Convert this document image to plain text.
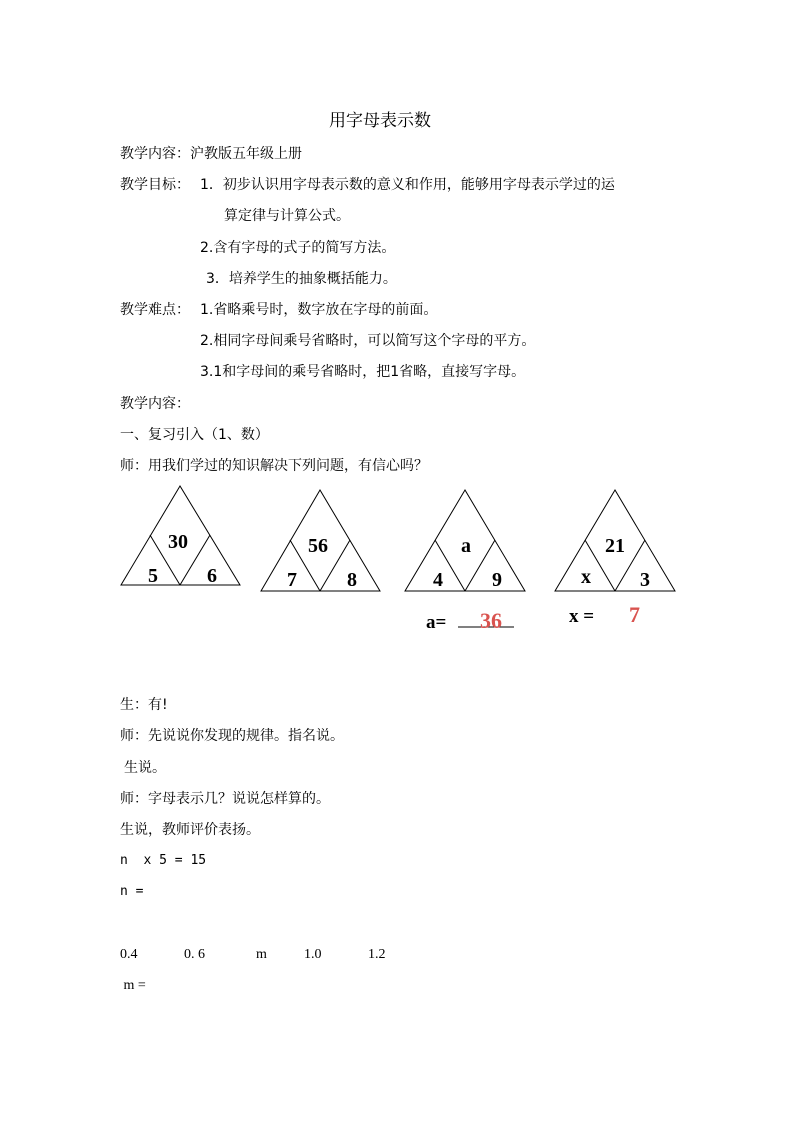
用字母表示数
教学内容：沪教版五年级上册
教学目标： 1．初步认识用字母表示数的意义和作用，能够用字母表示学过的运
算定律与计算公式。
2.含有字母的式子的简写方法。
3．培养学生的抽象概括能力。
教学难点： 1.省略乘号时，数字放在字母的前面。
2.相同字母间乘号省略时，可以简写这个字母的平方。
3.1和字母间的乘号省略时，把1省略，直接写字母。
教学内容：
一、复习引入（1、数）
师：用我们学过的知识解决下列问题，有信心吗？
30
5 6
56
7	8
a
4 9
21
x 3
a= 36	x = 7
生：有!
师：先说说你发现的规律。指名说。
生说。
师：字母表示几？说说怎样算的。
生说，教师评价表扬。
n  x 5 = 15
n =
0.4	0. 6	m	1.0	1.2
m =
